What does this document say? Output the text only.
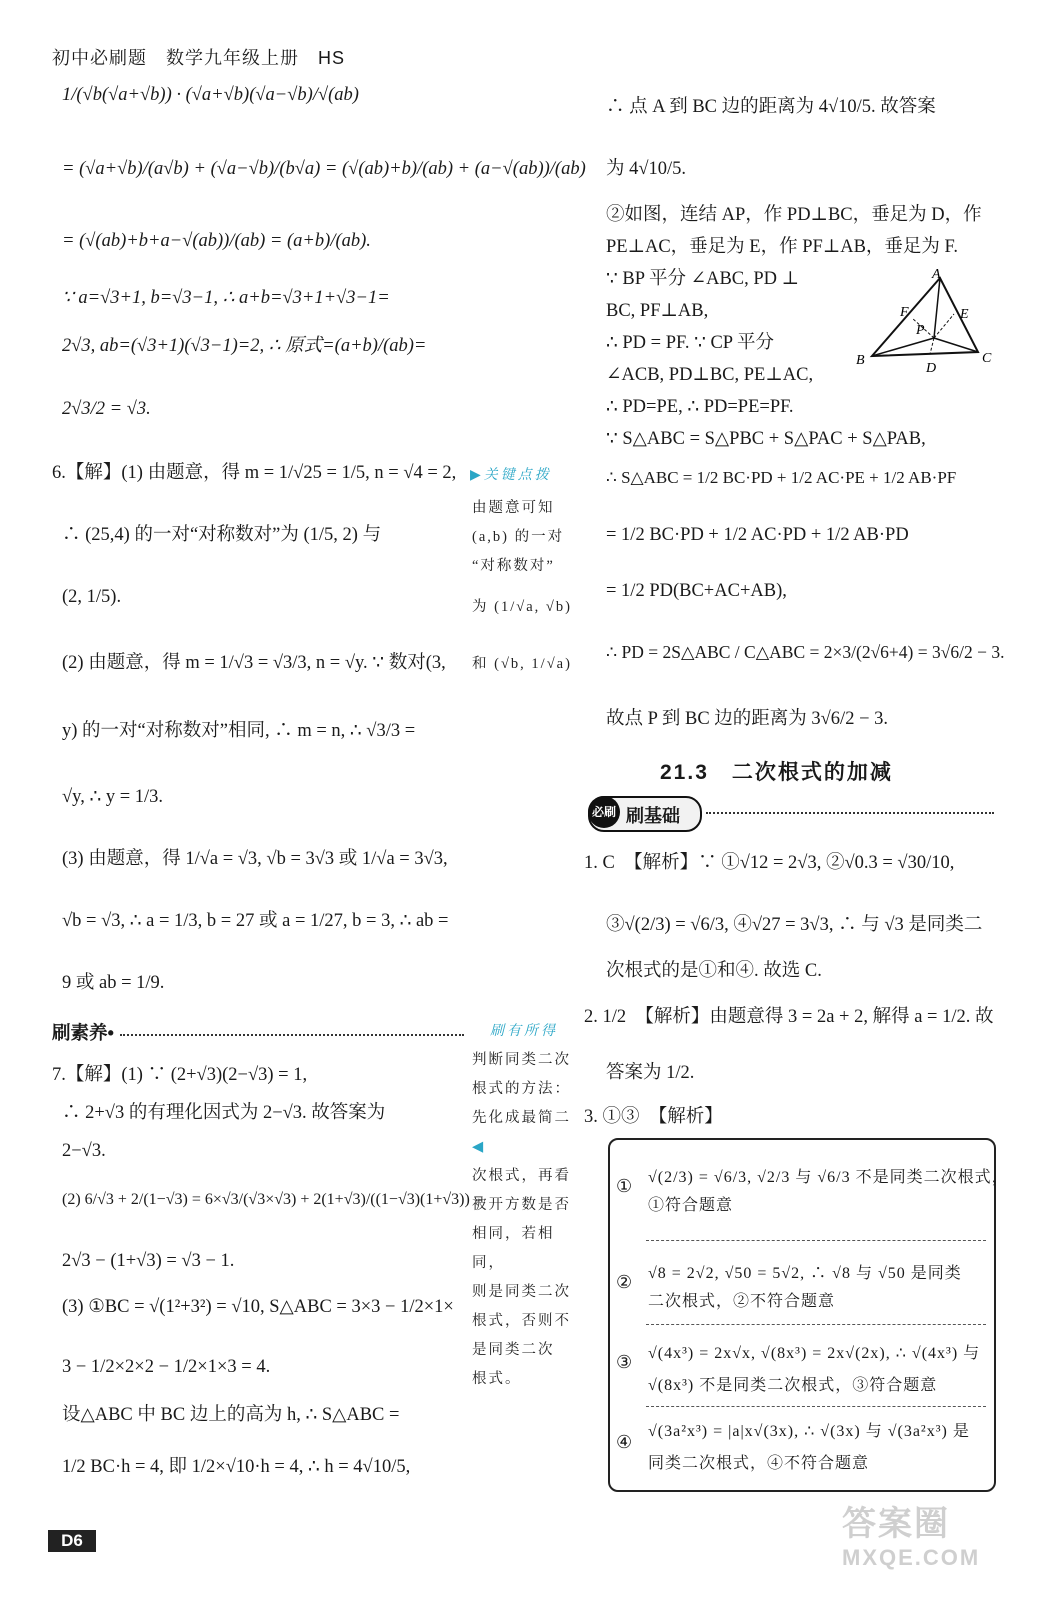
初中必刷题　数学九年级上册　HS
1/(√b(√a+√b)) · (√a+√b)(√a−√b)/√(ab)
= (√a+√b)/(a√b) + (√a−√b)/(b√a) = (√(ab)+b)/(ab) + (a−√(ab))/(ab)
= (√(ab)+b+a−√(ab))/(ab) = (a+b)/(ab).
∵ a=√3+1, b=√3−1, ∴ a+b=√3+1+√3−1=
2√3, ab=(√3+1)(√3−1)=2, ∴ 原式=(a+b)/(ab)=
2√3/2 = √3.
6.【解】(1) 由题意，得 m = 1/√25 = 1/5, n = √4 = 2, ▶关键点拨
∴ (25,4) 的一对“对称数对”为 (1/5, 2) 与
(2, 1/5).
(2) 由题意，得 m = 1/√3 = √3/3, n = √y. ∵ 数对(3,
y) 的一对“对称数对”相同, ∴ m = n, ∴ √3/3 =
√y, ∴ y = 1/3.
(3) 由题意，得 1/√a = √3, √b = 3√3 或 1/√a = 3√3,
√b = √3, ∴ a = 1/3, b = 27 或 a = 1/27, b = 3, ∴ ab =
9 或 ab = 1/9.
由题意可知
(a,b) 的一对
“对称数对”
为 (1/√a, √b)
和 (√b, 1/√a)
刷素养•	刷有所得
7.【解】(1) ∵ (2+√3)(2−√3) = 1,
∴ 2+√3 的有理化因式为 2−√3. 故答案为
2−√3.
(2) 6/√3 + 2/(1−√3) = 6×√3/(√3×√3) + 2(1+√3)/((1−√3)(1+√3)) =
2√3 − (1+√3) = √3 − 1.
(3) ①BC = √(1²+3²) = √10, S△ABC = 3×3 − 1/2×1×
3 − 1/2×2×2 − 1/2×1×3 = 4.
设△ABC 中 BC 边上的高为 h, ∴ S△ABC =
1/2 BC·h = 4, 即 1/2×√10·h = 4, ∴ h = 4√10/5,
判断同类二次
根式的方法：
先化成最简二◀
次根式，再看
被开方数是否
相同，若相同，
则是同类二次
根式，否则不
是同类二次
根式。
∴ 点 A 到 BC 边的距离为 4√10/5. 故答案
为 4√10/5.
②如图，连结 AP，作 PD⊥BC，垂足为 D，作
PE⊥AC，垂足为 E，作 PF⊥AB，垂足为 F.
∵ BP 平分 ∠ABC, PD ⊥
BC, PF⊥AB,
∴ PD = PF. ∵ CP 平分
∠ACB, PD⊥BC, PE⊥AC,
∴ PD=PE, ∴ PD=PE=PF.
∵ S△ABC = S△PBC + S△PAC + S△PAB,
∴ S△ABC = 1/2 BC·PD + 1/2 AC·PE + 1/2 AB·PF
= 1/2 BC·PD + 1/2 AC·PD + 1/2 AB·PD
= 1/2 PD(BC+AC+AB),
∴ PD = 2S△ABC / C△ABC = 2×3/(2√6+4) = 3√6/2 − 3.
故点 P 到 BC 边的距离为 3√6/2 − 3.
A
F	E
P
B
D
C
21.3　二次根式的加减
必刷 刷基础
1. C　【解析】∵ ①√12 = 2√3, ②√0.3 = √30/10,
③√(2/3) = √6/3, ④√27 = 3√3, ∴ 与 √3 是同类二
次根式的是①和④. 故选 C.
2. 1/2　【解析】由题意得 3 = 2a + 2, 解得 a = 1/2. 故
答案为 1/2.
3. ①③　【解析】
① √(2/3) = √6/3, √2/3 与 √6/3 不是同类二次根式，
①符合题意
② √8 = 2√2, √50 = 5√2, ∴ √8 与 √50 是同类
二次根式，②不符合题意
③ √(4x³) = 2x√x, √(8x³) = 2x√(2x), ∴ √(4x³) 与
√(8x³) 不是同类二次根式，③符合题意
④
√(3a²x³) = |a|x√(3x), ∴ √(3x) 与 √(3a²x³) 是
同类二次根式，④不符合题意
D6	答案圈
MXQE.COM
